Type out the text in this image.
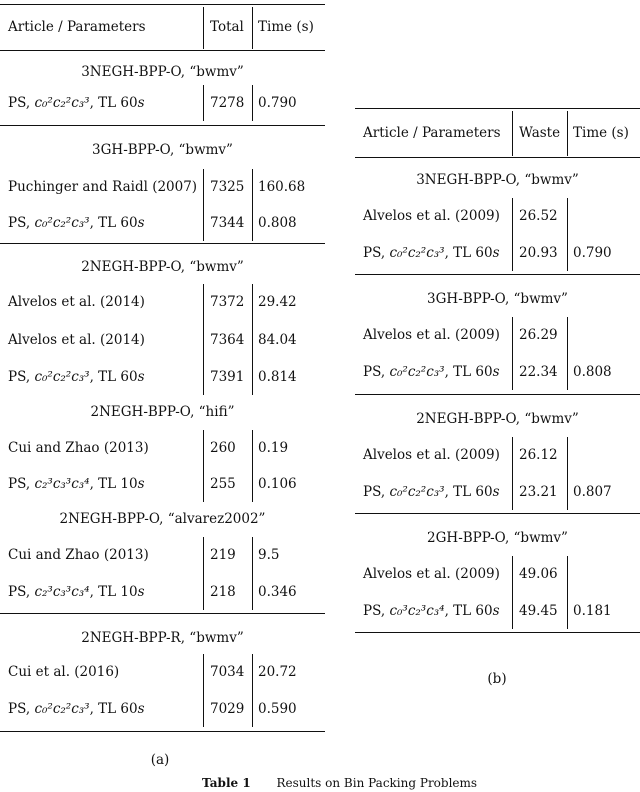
(a)
(b)
Table 1 Results on Bin Packing Problems
Article / Parameters	Total Time (s)
3NEGH-BPP-O, “bwmv”
PS, c₀²c₂²c₃³, TL 60s	7278 0.790
3GH-BPP-O, “bwmv”
Puchinger and Raidl (2007) 7325 160.68
PS, c₀²c₂²c₃³, TL 60s	7344 0.808
2NEGH-BPP-O, “bwmv”
Alvelos et al. (2014)	7372 29.42
Alvelos et al. (2014)	7364 84.04
PS, c₀²c₂²c₃³, TL 60s	7391 0.814
2NEGH-BPP-O, “hifi”
Cui and Zhao (2013)	260 0.19
PS, c₂³c₃³c₃⁴, TL 10s	255 0.106
2NEGH-BPP-O, “alvarez2002”
Cui and Zhao (2013)	219 9.5
PS, c₂³c₃³c₃⁴, TL 10s	218 0.346
2NEGH-BPP-R, “bwmv”
Cui et al. (2016)	7034 20.72
PS, c₀²c₂²c₃³, TL 60s	7029 0.590
Article / Parameters Waste Time (s)
3NEGH-BPP-O, “bwmv”
Alvelos et al. (2009) 26.52
PS, c₀²c₂²c₃³, TL 60s 20.93 0.790
3GH-BPP-O, “bwmv”
Alvelos et al. (2009) 26.29
PS, c₀²c₂²c₃³, TL 60s 22.34 0.808
2NEGH-BPP-O, “bwmv”
Alvelos et al. (2009) 26.12
PS, c₀²c₂²c₃³, TL 60s 23.21 0.807
2GH-BPP-O, “bwmv”
Alvelos et al. (2009) 49.06
PS, c₀³c₂³c₃⁴, TL 60s 49.45 0.181
